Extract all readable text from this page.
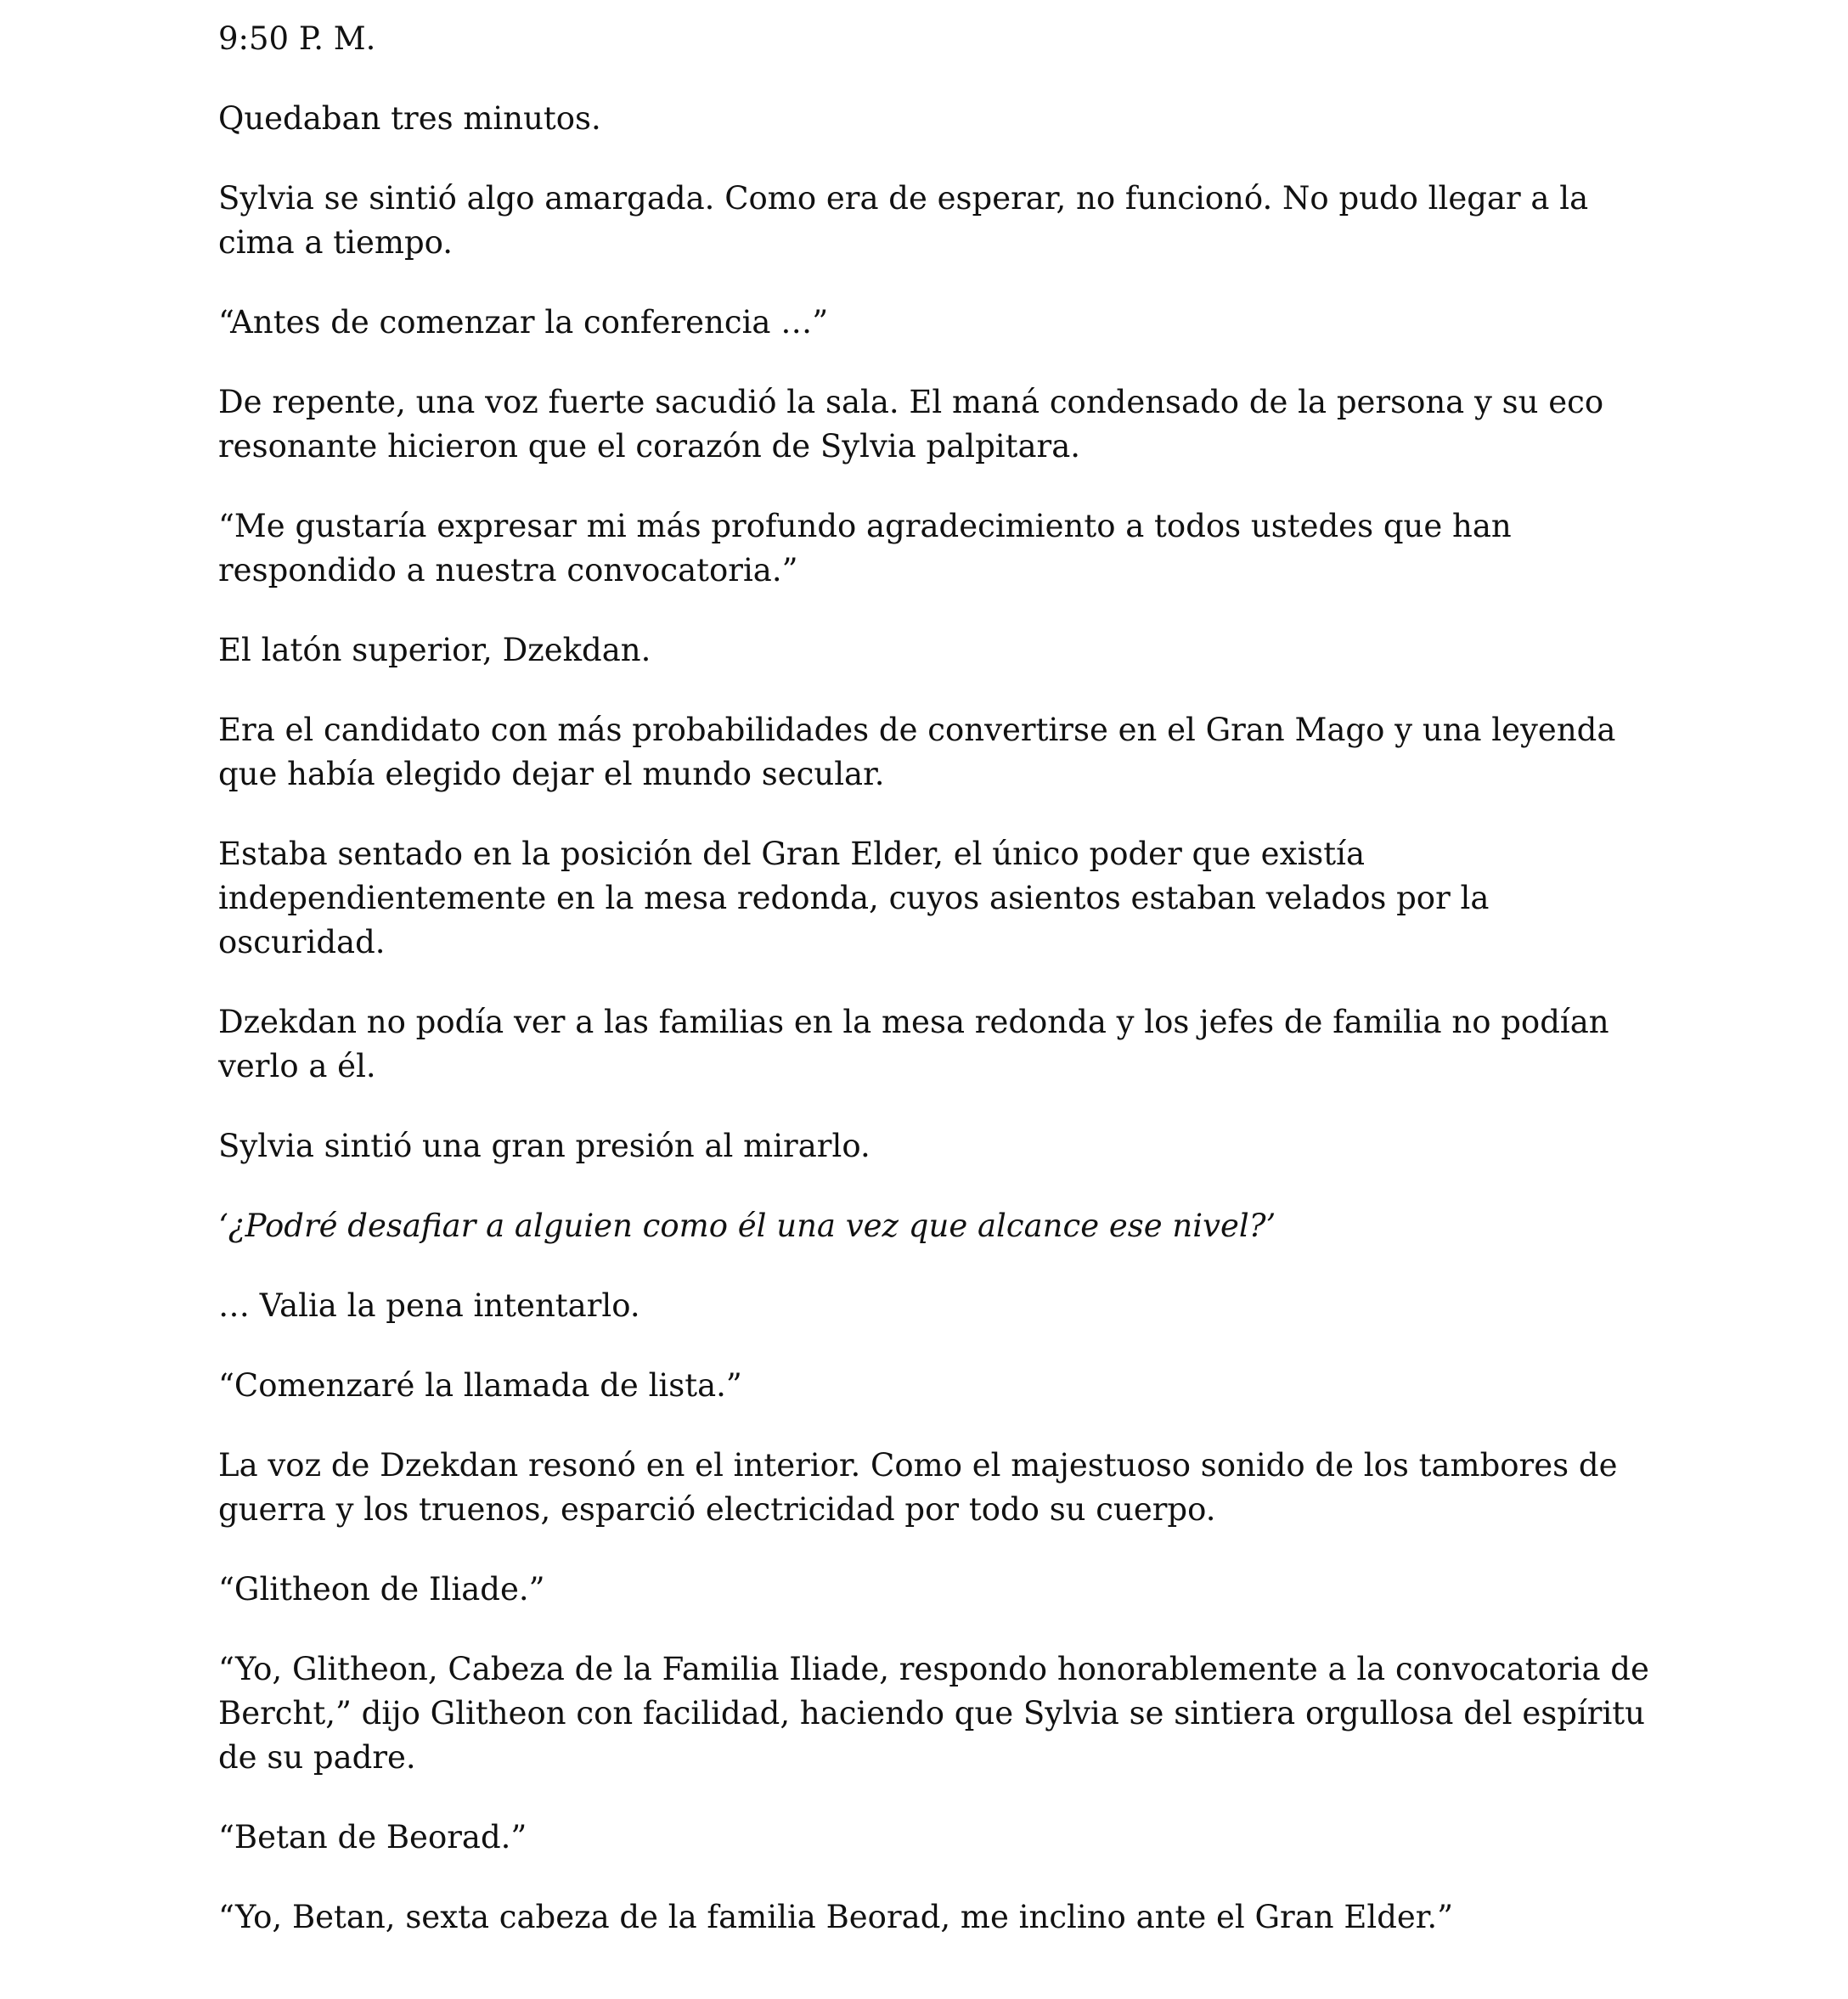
9:50 P. M.

Quedaban tres minutos.

Sylvia se sintió algo amargada. Como era de esperar, no funcionó. No pudo llegar a la cima a tiempo.

“Antes de comenzar la conferencia …”

De repente, una voz fuerte sacudió la sala. El maná condensado de la persona y su eco resonante hicieron que el corazón de Sylvia palpitara.

“Me gustaría expresar mi más profundo agradecimiento a todos ustedes que han respondido a nuestra convocatoria.”

El latón superior, Dzekdan.

Era el candidato con más probabilidades de convertirse en el Gran Mago y una leyenda que había elegido dejar el mundo secular.

Estaba sentado en la posición del Gran Elder, el único poder que existía independientemente en la mesa redonda, cuyos asientos estaban velados por la oscuridad.

Dzekdan no podía ver a las familias en la mesa redonda y los jefes de familia no podían verlo a él.

Sylvia sintió una gran presión al mirarlo.

‘¿Podré desafiar a alguien como él una vez que alcance ese nivel?’

… Valia la pena intentarlo.

“Comenzaré la llamada de lista.”

La voz de Dzekdan resonó en el interior. Como el majestuoso sonido de los tambores de guerra y los truenos, esparció electricidad por todo su cuerpo.

“Glitheon de Iliade.”

“Yo, Glitheon, Cabeza de la Familia Iliade, respondo honorablemente a la convocatoria de Bercht,” dijo Glitheon con facilidad, haciendo que Sylvia se sintiera orgullosa del espíritu de su padre.

“Betan de Beorad.”

“Yo, Betan, sexta cabeza de la familia Beorad, me inclino ante el Gran Elder.”
